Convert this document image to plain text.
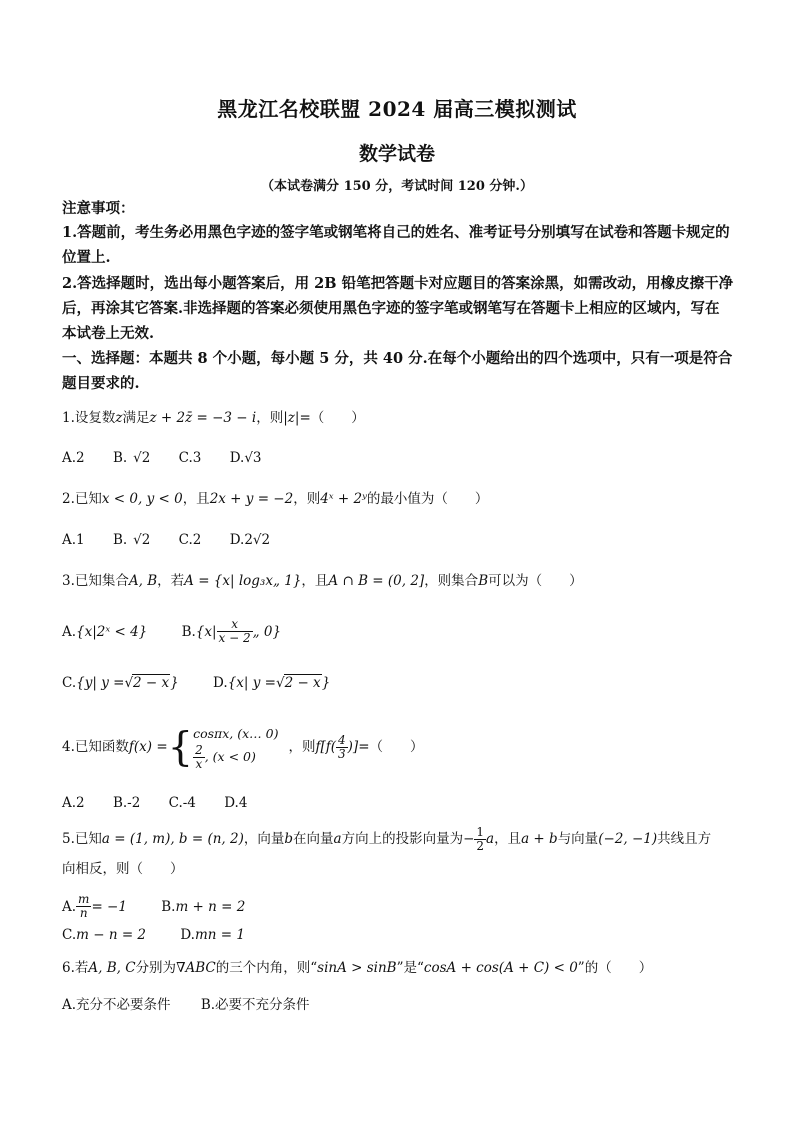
黑龙江名校联盟 2024 届高三模拟测试
数学试卷
（本试卷满分 150 分，考试时间 120 分钟.）
注意事项：
1.答题前，考生务必用黑色字迹的签字笔或钢笔将自己的姓名、准考证号分别填写在试卷和答题卡规定的位置上.
2.答选择题时，选出每小题答案后，用 2B 铅笔把答题卡对应题目的答案涂黑，如需改动，用橡皮擦干净后，再涂其它答案.非选择题的答案必须使用黑色字迹的签字笔或钢笔写在答题卡上相应的区域内，写在本试卷上无效.
一、选择题：本题共 8 个小题，每小题 5 分，共 40 分.在每个小题给出的四个选项中，只有一项是符合题目要求的.
1.设复数z满足z + 2z̄ = −3 − i，则|z|=（　　）
A.2 B. √2 C.3 D.√3
2.已知x < 0, y < 0，且2x + y = −2，则4ˣ + 2ʸ的最小值为（　　）
A.1 B. √2 C.2 D.2√2
3.已知集合A, B，若A = {x| log₃x„ 1}，且A ∩ B = (0, 2]，则集合B可以为（　　）
A.{x|2ˣ < 4}	$B.\{x| \frac{x}{x - 2}$ „ 0}
C.{y| y =√2 − x}	D.{x| y =√2 − x}
4.已知函数f(x) ={ cosπx, (x… 0)
$\frac{2}{x}$ , (x < 0)
，则$f[f( \frac{4}{3}$ )]=（　　）
A.2 B.-2 C.-4 D.4
5.已知a = (1, m), b = (n, 2)，向量b在向量a方向上的投影向量为− $\frac{1}{2}$ a，且a + b与向量(−2, −1)共线且方
向相反，则（　　）
A. $\frac{m}{n} = -1$	B.m + n = 2
C.m − n = 2	D.mn = 1
6.若A, B, C分别为∇ABC的三个内角，则“sinA > sinB”是“cosA + cos(A + C) < 0”的（　　）
A.充分不必要条件 B.必要不充分条件
